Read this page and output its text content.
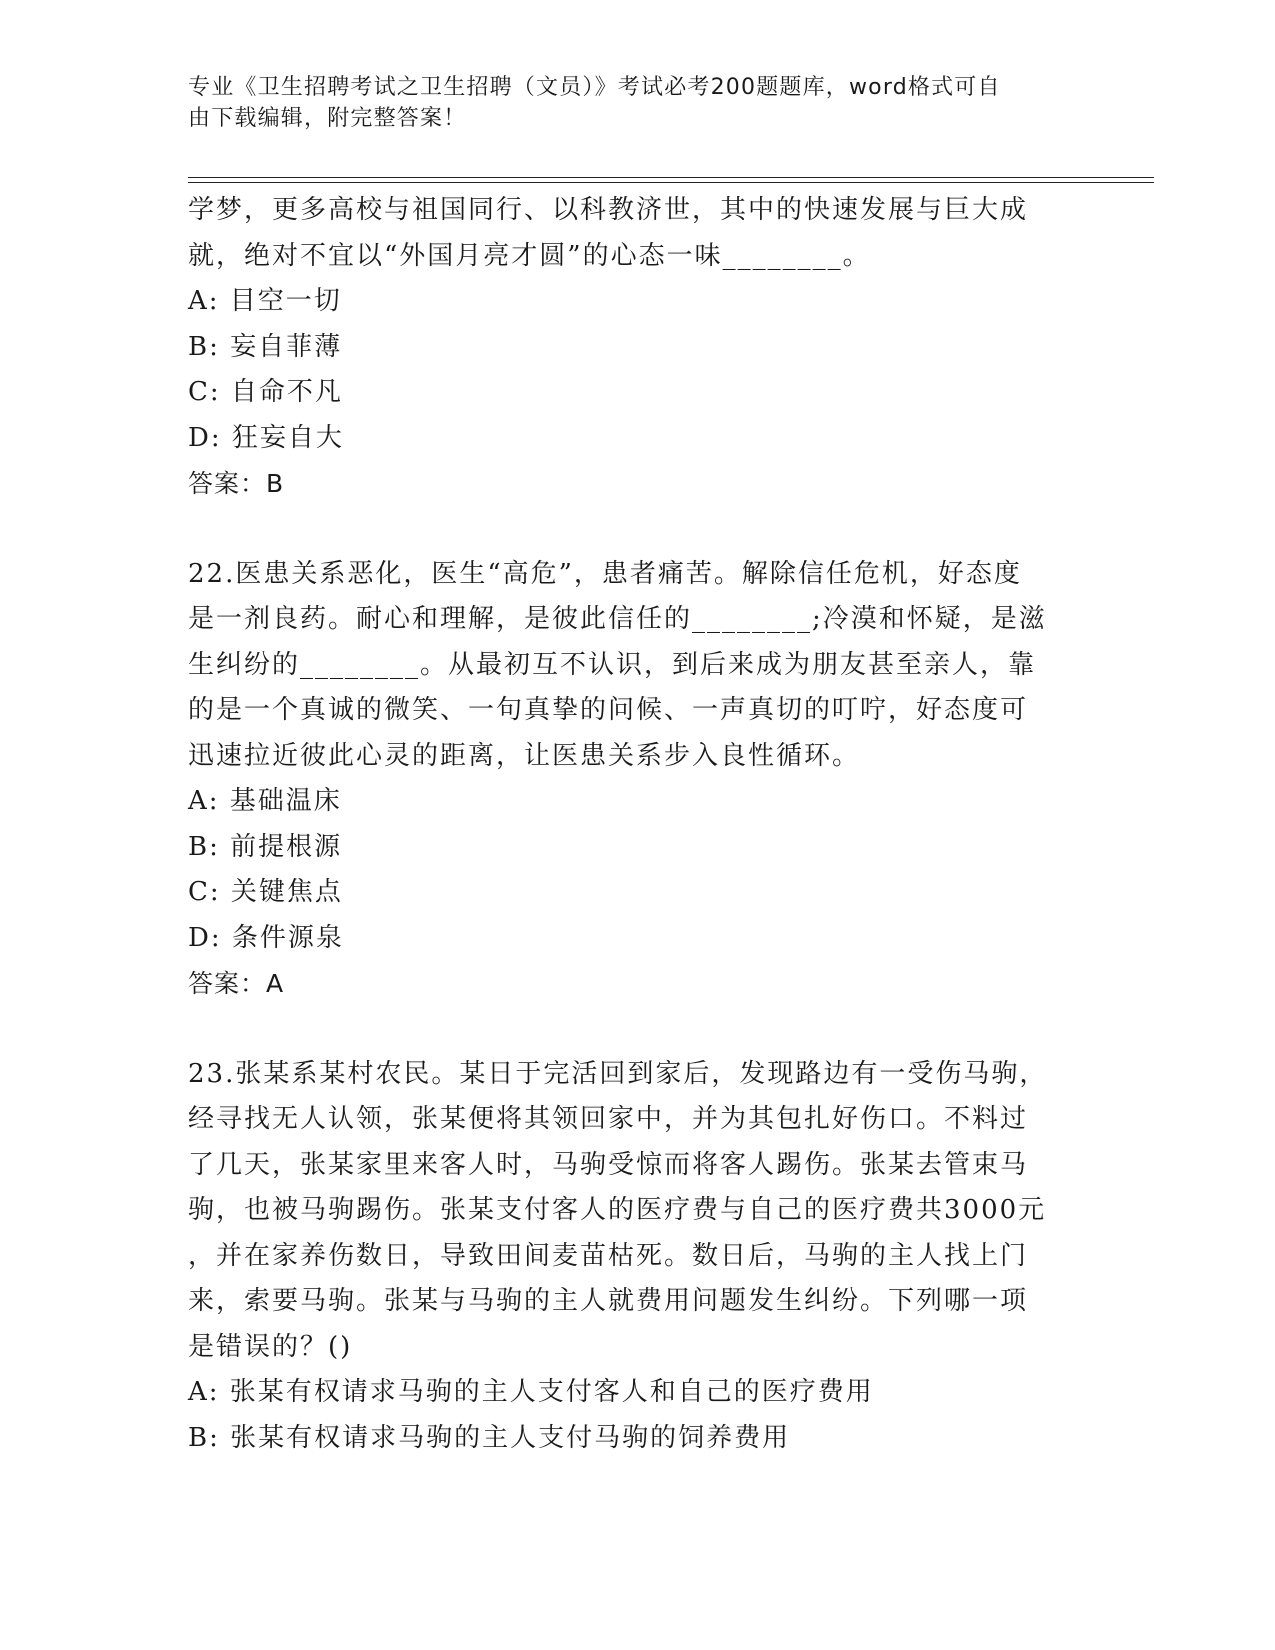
专业《卫生招聘考试之卫生招聘（文员）》考试必考200题题库，word格式可自
由下载编辑，附完整答案！

学梦，更多高校与祖国同行、以科教济世，其中的快速发展与巨大成

就，绝对不宜以“外国月亮才圆”的心态一味________。

A: 目空一切

B: 妄自菲薄

C: 自命不凡

D: 狂妄自大

答案：B

22.医患关系恶化，医生“高危”，患者痛苦。解除信任危机，好态度

是一剂良药。耐心和理解，是彼此信任的________;冷漠和怀疑，是滋

生纠纷的________。从最初互不认识，到后来成为朋友甚至亲人，靠

的是一个真诚的微笑、一句真挚的问候、一声真切的叮咛，好态度可

迅速拉近彼此心灵的距离，让医患关系步入良性循环。

A: 基础温床

B: 前提根源

C: 关键焦点

D: 条件源泉

答案：A

23.张某系某村农民。某日于完活回到家后，发现路边有一受伤马驹，

经寻找无人认领，张某便将其领回家中，并为其包扎好伤口。不料过

了几天，张某家里来客人时，马驹受惊而将客人踢伤。张某去管束马

驹，也被马驹踢伤。张某支付客人的医疗费与自己的医疗费共3000元

，并在家养伤数日，导致田间麦苗枯死。数日后，马驹的主人找上门

来，索要马驹。张某与马驹的主人就费用问题发生纠纷。下列哪一项

是错误的？()

A: 张某有权请求马驹的主人支付客人和自己的医疗费用

B: 张某有权请求马驹的主人支付马驹的饲养费用
